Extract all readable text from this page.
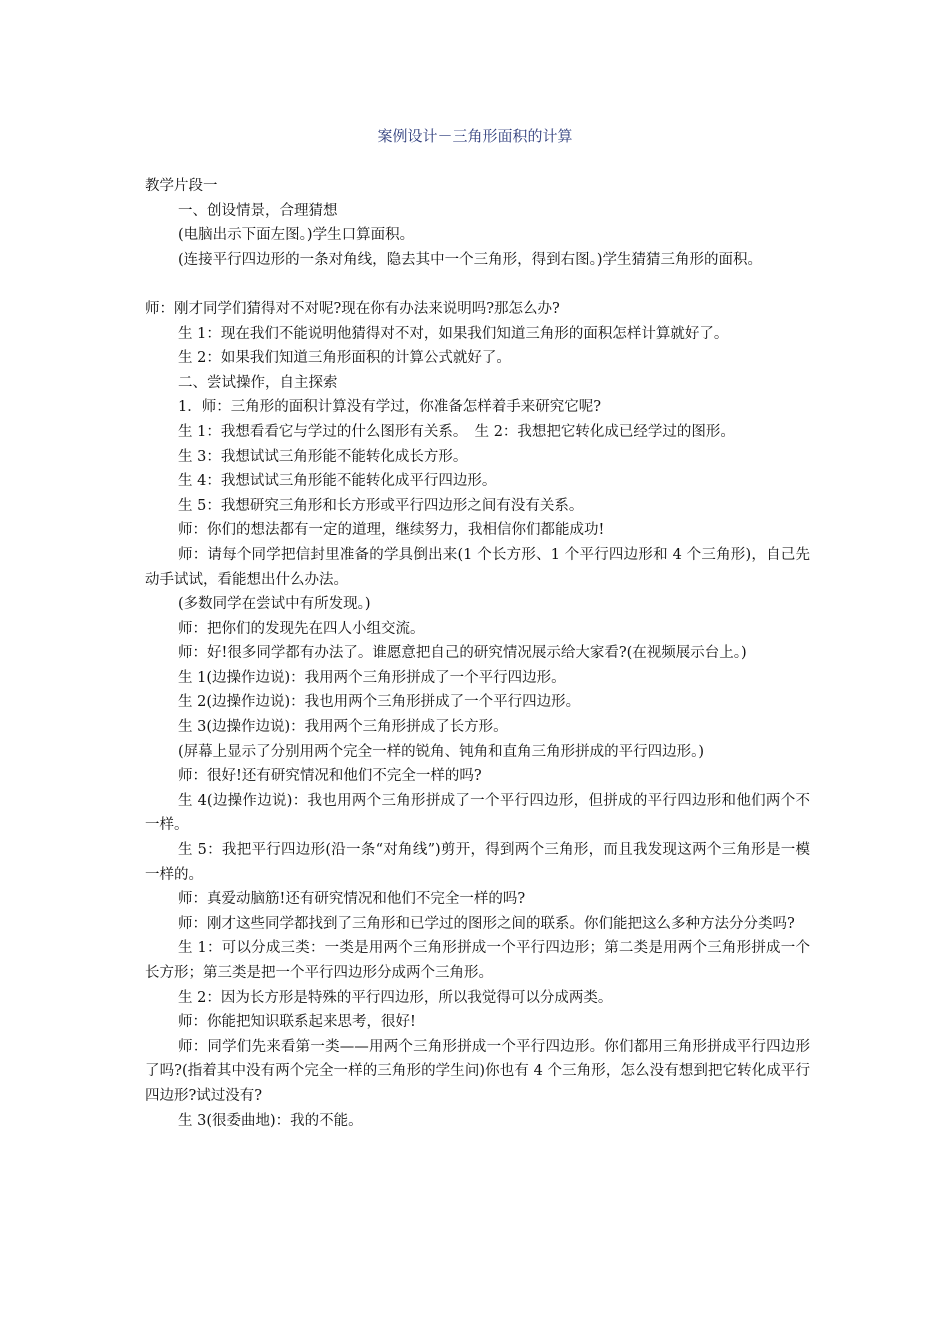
案例设计－三角形面积的计算

教学片段一

一、创设情景，合理猜想

(电脑出示下面左图。)学生口算面积。

(连接平行四边形的一条对角线，隐去其中一个三角形，得到右图。)学生猜猜三角形的面积。

师：刚才同学们猜得对不对呢?现在你有办法来说明吗?那怎么办?

生 1：现在我们不能说明他猜得对不对，如果我们知道三角形的面积怎样计算就好了。

生 2：如果我们知道三角形面积的计算公式就好了。

二、尝试操作，自主探索

1．师：三角形的面积计算没有学过，你准备怎样着手来研究它呢?

生 1：我想看看它与学过的什么图形有关系。　生 2：我想把它转化成已经学过的图形。

生 3：我想试试三角形能不能转化成长方形。

生 4：我想试试三角形能不能转化成平行四边形。

生 5：我想研究三角形和长方形或平行四边形之间有没有关系。

师：你们的想法都有一定的道理，继续努力，我相信你们都能成功!

师：请每个同学把信封里准备的学具倒出来(1 个长方形、1 个平行四边形和 4 个三角形)，自己先动手试试，看能想出什么办法。

(多数同学在尝试中有所发现。)

师：把你们的发现先在四人小组交流。

师：好!很多同学都有办法了。谁愿意把自己的研究情况展示给大家看?(在视频展示台上。)

生 1(边操作边说)：我用两个三角形拼成了一个平行四边形。

生 2(边操作边说)：我也用两个三角形拼成了一个平行四边形。

生 3(边操作边说)：我用两个三角形拼成了长方形。

(屏幕上显示了分别用两个完全一样的锐角、钝角和直角三角形拼成的平行四边形。)

师：很好!还有研究情况和他们不完全一样的吗?

生 4(边操作边说)：我也用两个三角形拼成了一个平行四边形，但拼成的平行四边形和他们两个不一样。

生 5：我把平行四边形(沿一条“对角线”)剪开，得到两个三角形，而且我发现这两个三角形是一模一样的。

师：真爱动脑筋!还有研究情况和他们不完全一样的吗?

师：刚才这些同学都找到了三角形和已学过的图形之间的联系。你们能把这么多种方法分分类吗?

生 1：可以分成三类：一类是用两个三角形拼成一个平行四边形；第二类是用两个三角形拼成一个长方形；第三类是把一个平行四边形分成两个三角形。

生 2：因为长方形是特殊的平行四边形，所以我觉得可以分成两类。

师：你能把知识联系起来思考，很好!

师：同学们先来看第一类——用两个三角形拼成一个平行四边形。你们都用三角形拼成平行四边形了吗?(指着其中没有两个完全一样的三角形的学生问)你也有 4 个三角形，怎么没有想到把它转化成平行四边形?试过没有?

生 3(很委曲地)：我的不能。
